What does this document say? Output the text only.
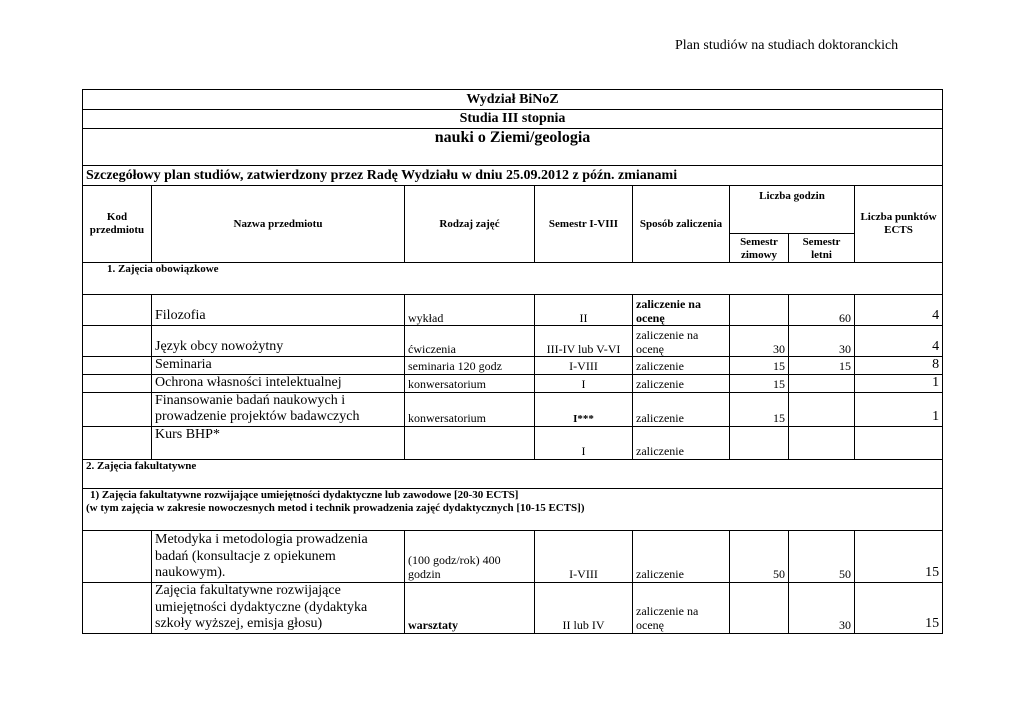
Plan studiów na studiach doktoranckich
Wydział BiNoZ							
Studia III stopnia							
nauki o Ziemi/geologia							
Szczegółowy plan studiów, zatwierdzony przez Radę Wydziału w dniu 25.09.2012 z późn. zmianami							
Kod przedmiotu	Nazwa przedmiotu	Rodzaj zajęć	Semestr I-VIII	Sposób zaliczenia	Liczba godzin		Liczba punktów ECTS
					Semestr zimowy	Semestr letni	
1. Zajęcia obowiązkowe							
	Filozofia	wykład	II	zaliczenie na ocenę		60	4
	Język obcy nowożytny	ćwiczenia	III-IV lub V-VI	zaliczenie na ocenę	30	30	4
	Seminaria	seminaria 120 godz	I-VIII	zaliczenie	15	15	8
	Ochrona własności intelektualnej	konwersatorium	I	zaliczenie	15		1
	Finansowanie badań naukowych i prowadzenie projektów badawczych	konwersatorium	I***	zaliczenie	15		1
	Kurs BHP*		I	zaliczenie			
2. Zajęcia fakultatywne							

1) Zajęcia fakultatywne rozwijające umiejętności dydaktyczne lub zawodowe [20-30 ECTS]
(w tym zajęcia w zakresie nowoczesnych metod i technik prowadzenia zajęć dydaktycznych [10-15 ECTS])							

	Metodyka i metodologia prowadzenia badań (konsultacje z opiekunem naukowym).	(100 godz/rok) 400 godzin	I-VIII	zaliczenie	50	50	15
	Zajęcia fakultatywne rozwijające umiejętności dydaktyczne (dydaktyka szkoły wyższej, emisja głosu)	warsztaty	II lub IV	zaliczenie na ocenę		30	15
